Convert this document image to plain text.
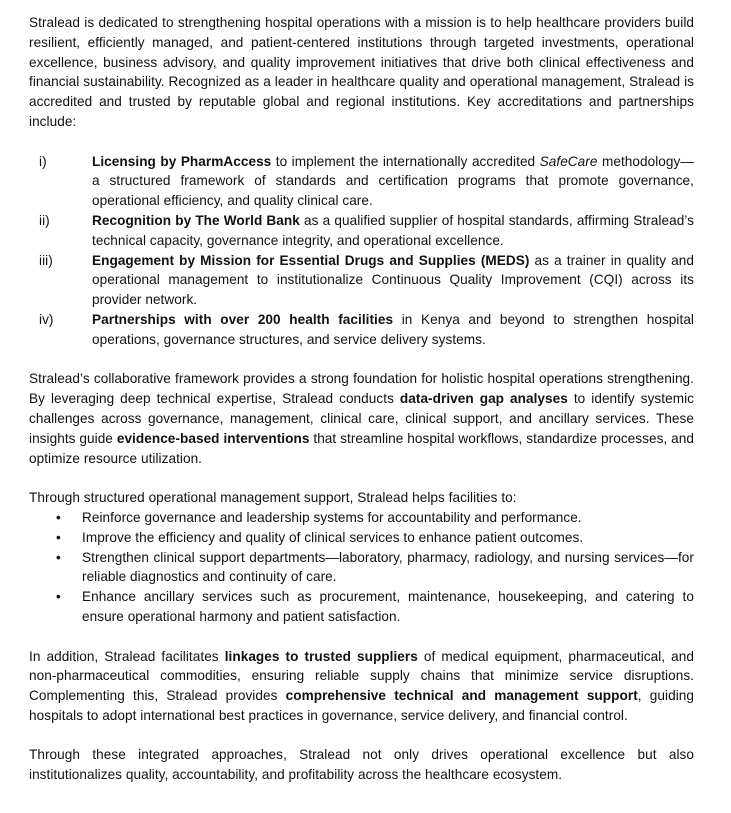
Stralead is dedicated to strengthening hospital operations with a mission is to help healthcare providers build resilient, efficiently managed, and patient-centered institutions through targeted investments, operational excellence, business advisory, and quality improvement initiatives that drive both clinical effectiveness and financial sustainability. Recognized as a leader in healthcare quality and operational management, Stralead is accredited and trusted by reputable global and regional institutions. Key accreditations and partnerships include:

i)	Licensing by PharmAccess to implement the internationally accredited SafeCare methodology—a structured framework of standards and certification programs that promote governance, operational efficiency, and quality clinical care.
ii)	Recognition by The World Bank as a qualified supplier of hospital standards, affirming Stralead’s technical capacity, governance integrity, and operational excellence.
iii)	Engagement by Mission for Essential Drugs and Supplies (MEDS) as a trainer in quality and operational management to institutionalize Continuous Quality Improvement (CQI) across its provider network.
iv)	Partnerships with over 200 health facilities in Kenya and beyond to strengthen hospital operations, governance structures, and service delivery systems.

Stralead’s collaborative framework provides a strong foundation for holistic hospital operations strengthening. By leveraging deep technical expertise, Stralead conducts data-driven gap analyses to identify systemic challenges across governance, management, clinical care, clinical support, and ancillary services. These insights guide evidence-based interventions that streamline hospital workflows, standardize processes, and optimize resource utilization.

Through structured operational management support, Stralead helps facilities to:

• Reinforce governance and leadership systems for accountability and performance.
• Improve the efficiency and quality of clinical services to enhance patient outcomes.
• Strengthen clinical support departments—laboratory, pharmacy, radiology, and nursing services—for reliable diagnostics and continuity of care.
• Enhance ancillary services such as procurement, maintenance, housekeeping, and catering to ensure operational harmony and patient satisfaction.

In addition, Stralead facilitates linkages to trusted suppliers of medical equipment, pharmaceutical, and non-pharmaceutical commodities, ensuring reliable supply chains that minimize service disruptions. Complementing this, Stralead provides comprehensive technical and management support, guiding hospitals to adopt international best practices in governance, service delivery, and financial control.

Through these integrated approaches, Stralead not only drives operational excellence but also institutionalizes quality, accountability, and profitability across the healthcare ecosystem.
